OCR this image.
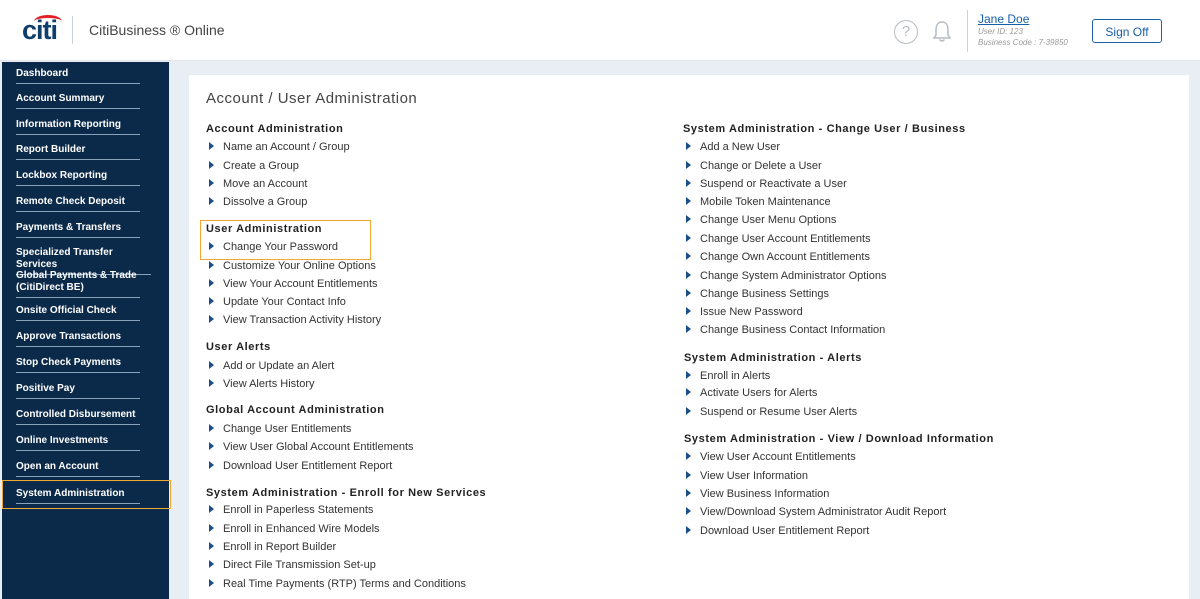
citi CitiBusiness ® Online	?
Jane Doe
User ID: 123
Business Code : 7-39850
Sign Off
Dashboard
Account Summary
Information Reporting
Report Builder
Lockbox Reporting
Remote Check Deposit
Payments & Transfers
Specialized Transfer Services
Global Payments & Trade (CitiDirect BE)
Onsite Official Check
Approve Transactions
Stop Check Payments
Positive Pay
Controlled Disbursement
Online Investments
Open an Account
System Administration
Account / User Administration
Account Administration
Name an Account / Group
Create a Group
Move an Account
Dissolve a Group
User Administration
Change Your Password
Customize Your Online Options
View Your Account Entitlements
Update Your Contact Info
View Transaction Activity History
User Alerts
Add or Update an Alert
View Alerts History
Global Account Administration
Change User Entitlements
View User Global Account Entitlements
Download User Entitlement Report
System Administration - Enroll for New Services
Enroll in Paperless Statements
Enroll in Enhanced Wire Models
Enroll in Report Builder
Direct File Transmission Set-up
Real Time Payments (RTP) Terms and Conditions
System Administration - Change User / Business
Add a New User
Change or Delete a User
Suspend or Reactivate a User
Mobile Token Maintenance
Change User Menu Options
Change User Account Entitlements
Change Own Account Entitlements
Change System Administrator Options
Change Business Settings
Issue New Password
Change Business Contact Information
System Administration - Alerts
Enroll in Alerts
Activate Users for Alerts
Suspend or Resume User Alerts
System Administration - View / Download Information
View User Account Entitlements
View User Information
View Business Information
View/Download System Administrator Audit Report
Download User Entitlement Report
